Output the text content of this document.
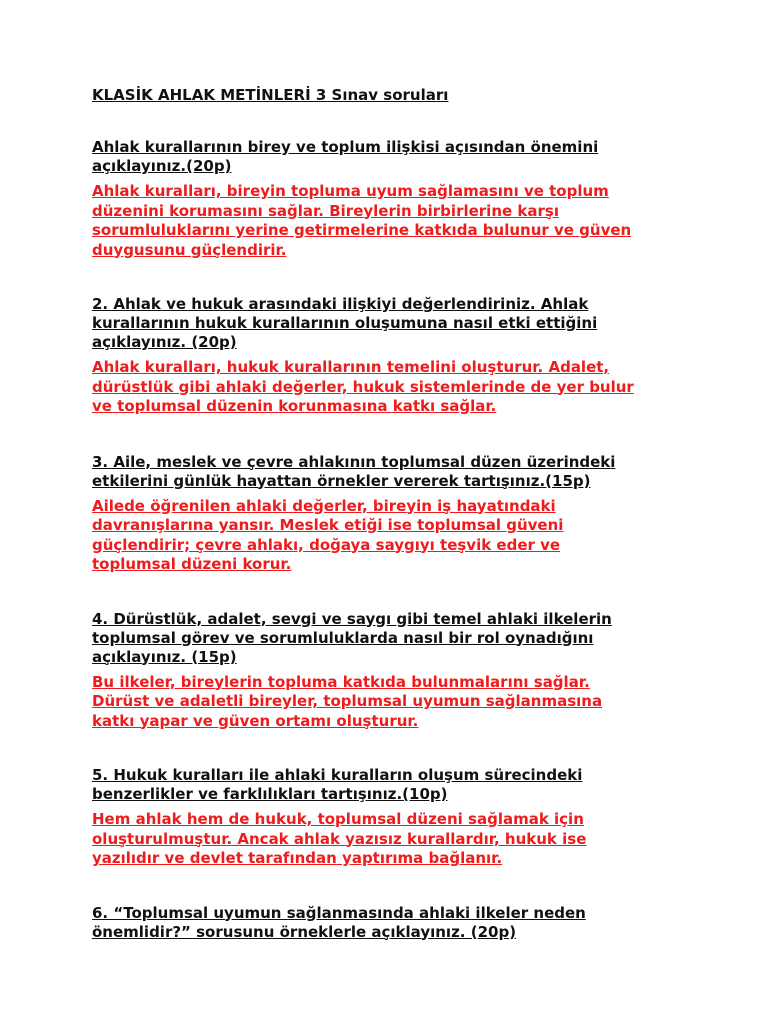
KLASİK AHLAK METİNLERİ 3 Sınav soruları
Ahlak kurallarının birey ve toplum ilişkisi açısından önemini
açıklayınız.(20p)
Ahlak kuralları, bireyin topluma uyum sağlamasını ve toplum
düzenini korumasını sağlar. Bireylerin birbirlerine karşı
sorumluluklarını yerine getirmelerine katkıda bulunur ve güven
duygusunu güçlendirir.
2. Ahlak ve hukuk arasındaki ilişkiyi değerlendiriniz. Ahlak
kurallarının hukuk kurallarının oluşumuna nasıl etki ettiğini
açıklayınız. (20p)
Ahlak kuralları, hukuk kurallarının temelini oluşturur. Adalet,
dürüstlük gibi ahlaki değerler, hukuk sistemlerinde de yer bulur
ve toplumsal düzenin korunmasına katkı sağlar.
3. Aile, meslek ve çevre ahlakının toplumsal düzen üzerindeki
etkilerini günlük hayattan örnekler vererek tartışınız.(15p)
Ailede öğrenilen ahlaki değerler, bireyin iş hayatındaki
davranışlarına yansır. Meslek etiği ise toplumsal güveni
güçlendirir; çevre ahlakı, doğaya saygıyı teşvik eder ve
toplumsal düzeni korur.
4. Dürüstlük, adalet, sevgi ve saygı gibi temel ahlaki ilkelerin
toplumsal görev ve sorumluluklarda nasıl bir rol oynadığını
açıklayınız. (15p)
Bu ilkeler, bireylerin topluma katkıda bulunmalarını sağlar.
Dürüst ve adaletli bireyler, toplumsal uyumun sağlanmasına
katkı yapar ve güven ortamı oluşturur.
5. Hukuk kuralları ile ahlaki kuralların oluşum sürecindeki
benzerlikler ve farklılıkları tartışınız.(10p)
Hem ahlak hem de hukuk, toplumsal düzeni sağlamak için
oluşturulmuştur. Ancak ahlak yazısız kurallardır, hukuk ise
yazılıdır ve devlet tarafından yaptırıma bağlanır.
6. “Toplumsal uyumun sağlanmasında ahlaki ilkeler neden
önemlidir?” sorusunu örneklerle açıklayınız. (20p)
